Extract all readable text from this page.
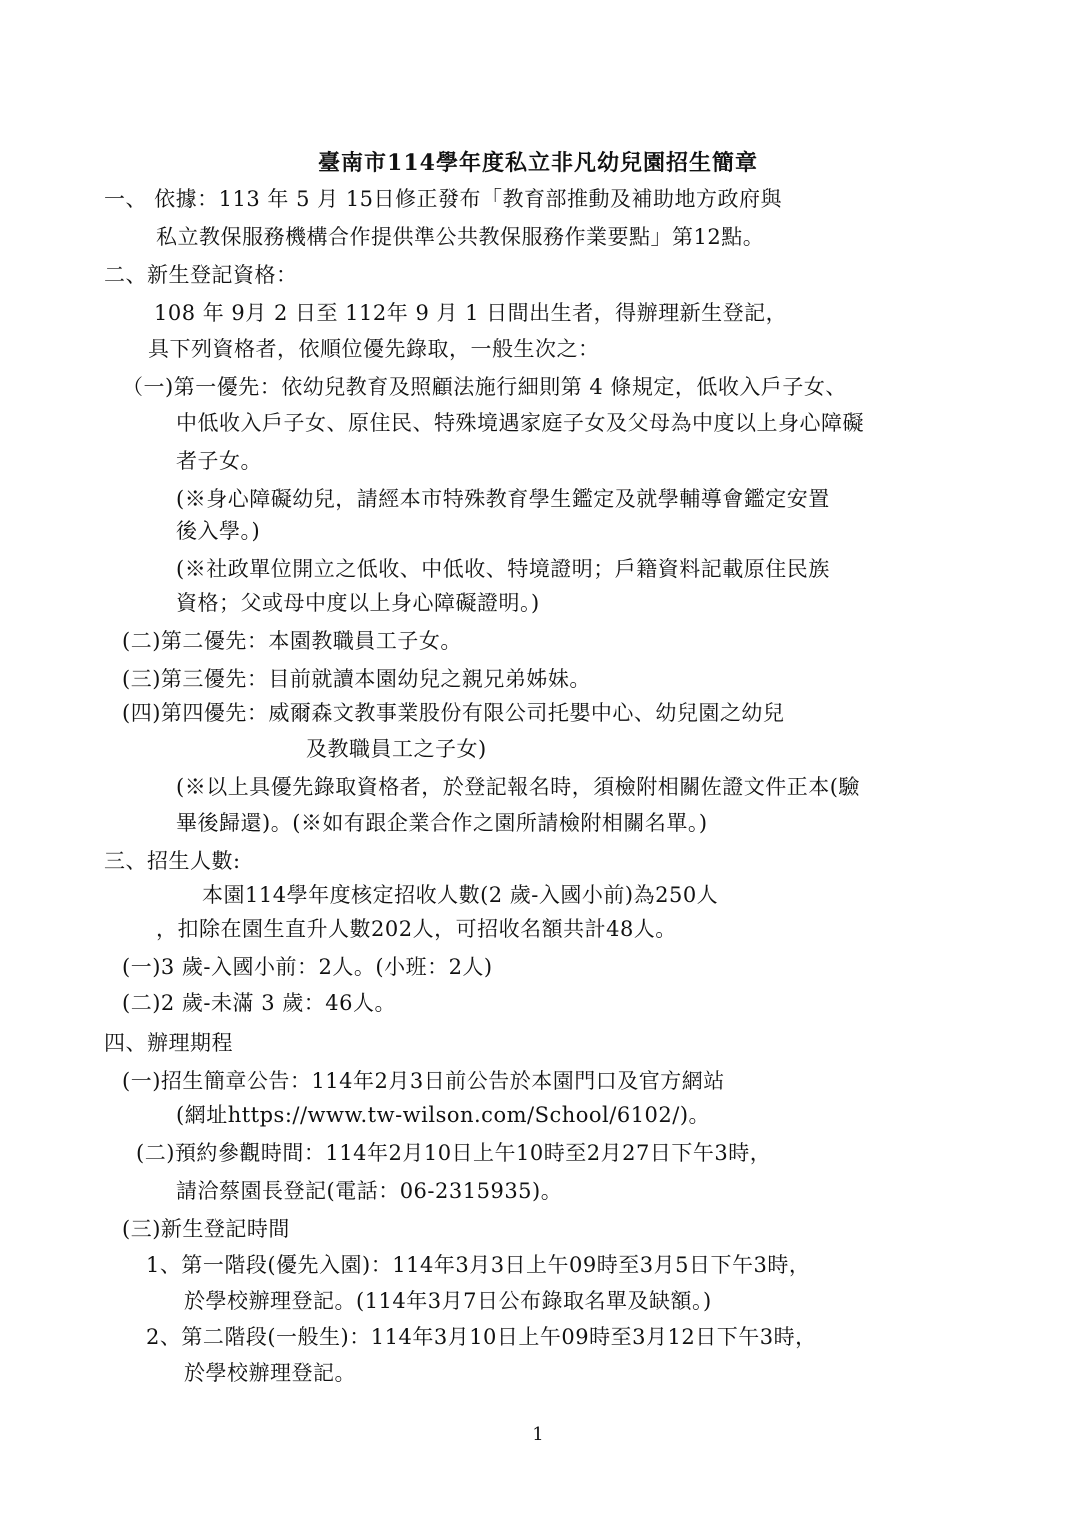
臺南市114學年度私立非凡幼兒園招生簡章
一、 依據：113 年 5 月 15日修正發布「教育部推動及補助地方政府與
私立教保服務機構合作提供準公共教保服務作業要點」第12點。
二、新生登記資格：
108 年 9月 2 日至 112年 9 月 1 日間出生者，得辦理新生登記，
具下列資格者，依順位優先錄取，一般生次之：
（一)第一優先：依幼兒教育及照顧法施行細則第 4 條規定，低收入戶子女、
中低收入戶子女、原住民、特殊境遇家庭子女及父母為中度以上身心障礙
者子女。
(※身心障礙幼兒，請經本市特殊教育學生鑑定及就學輔導會鑑定安置
後入學。)
(※社政單位開立之低收、中低收、特境證明；戶籍資料記載原住民族
資格；父或母中度以上身心障礙證明。)
(二)第二優先：本園教職員工子女。
(三)第三優先：目前就讀本園幼兒之親兄弟姊妹。
(四)第四優先：威爾森文教事業股份有限公司托嬰中心、幼兒園之幼兒
及教職員工之子女)
(※以上具優先錄取資格者，於登記報名時，須檢附相關佐證文件正本(驗
畢後歸還)。(※如有跟企業合作之園所請檢附相關名單。)
三、招生人數:
本園114學年度核定招收人數(2 歲-入國小前)為250人
，扣除在園生直升人數202人，可招收名額共計48人。
(一)3 歲-入國小前：2人。(小班：2人)
(二)2 歲-未滿 3 歲：46人。
四、辦理期程
(一)招生簡章公告：114年2月3日前公告於本園門口及官方網站
(網址https://www.tw-wilson.com/School/6102/)。
(二)預約參觀時間：114年2月10日上午10時至2月27日下午3時，
請洽蔡園長登記(電話：06-2315935)。
(三)新生登記時間
1、第一階段(優先入園)：114年3月3日上午09時至3月5日下午3時，
於學校辦理登記。(114年3月7日公布錄取名單及缺額。)
2、第二階段(一般生)：114年3月10日上午09時至3月12日下午3時，
於學校辦理登記。
1
